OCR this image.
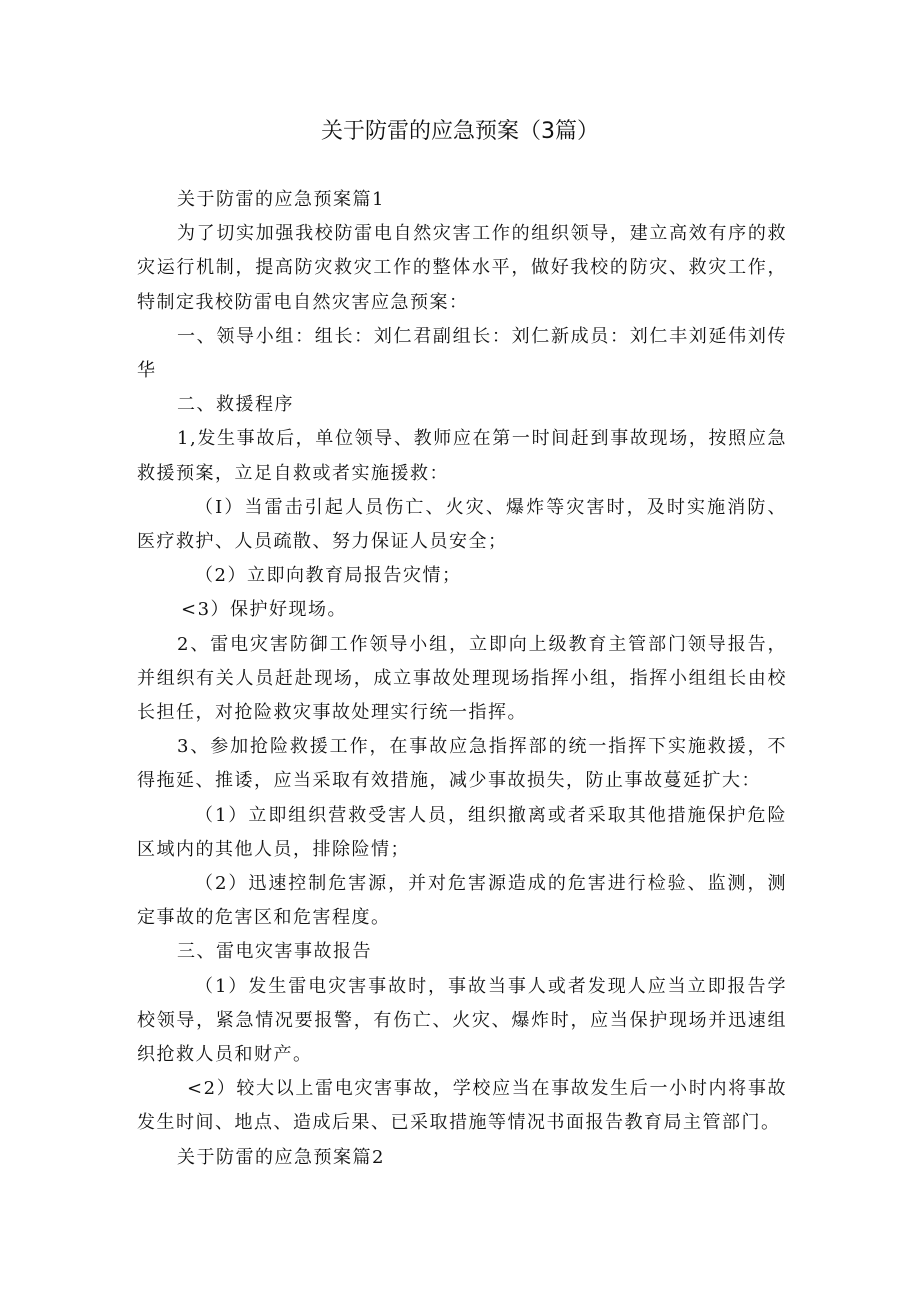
关于防雷的应急预案（3篇）

关于防雷的应急预案篇1

为了切实加强我校防雷电自然灾害工作的组织领导，建立高效有序的救灾运行机制，提高防灾救灾工作的整体水平，做好我校的防灾、救灾工作，特制定我校防雷电自然灾害应急预案：

一、领导小组：组长：刘仁君副组长：刘仁新成员：刘仁丰刘延伟刘传华

二、救援程序

1,发生事故后，单位领导、教师应在第一时间赶到事故现场，按照应急救援预案，立足自救或者实施援救：

（I）当雷击引起人员伤亡、火灾、爆炸等灾害时，及时实施消防、医疗救护、人员疏散、努力保证人员安全；

（2）立即向教育局报告灾情；

<3）保护好现场。

2、雷电灾害防御工作领导小组，立即向上级教育主管部门领导报告，并组织有关人员赶赴现场，成立事故处理现场指挥小组，指挥小组组长由校长担任，对抢险救灾事故处理实行统一指挥。

3、参加抢险救援工作，在事故应急指挥部的统一指挥下实施救援，不得拖延、推诿，应当采取有效措施，减少事故损失，防止事故蔓延扩大：

（1）立即组织营救受害人员，组织撤离或者采取其他措施保护危险区域内的其他人员，排除险情；

（2）迅速控制危害源，并对危害源造成的危害进行检验、监测，测定事故的危害区和危害程度。

三、雷电灾害事故报告

（1）发生雷电灾害事故时，事故当事人或者发现人应当立即报告学校领导，紧急情况要报警，有伤亡、火灾、爆炸时，应当保护现场并迅速组织抢救人员和财产。

<2）较大以上雷电灾害事故，学校应当在事故发生后一小时内将事故发生时间、地点、造成后果、已采取措施等情况书面报告教育局主管部门。

关于防雷的应急预案篇2
